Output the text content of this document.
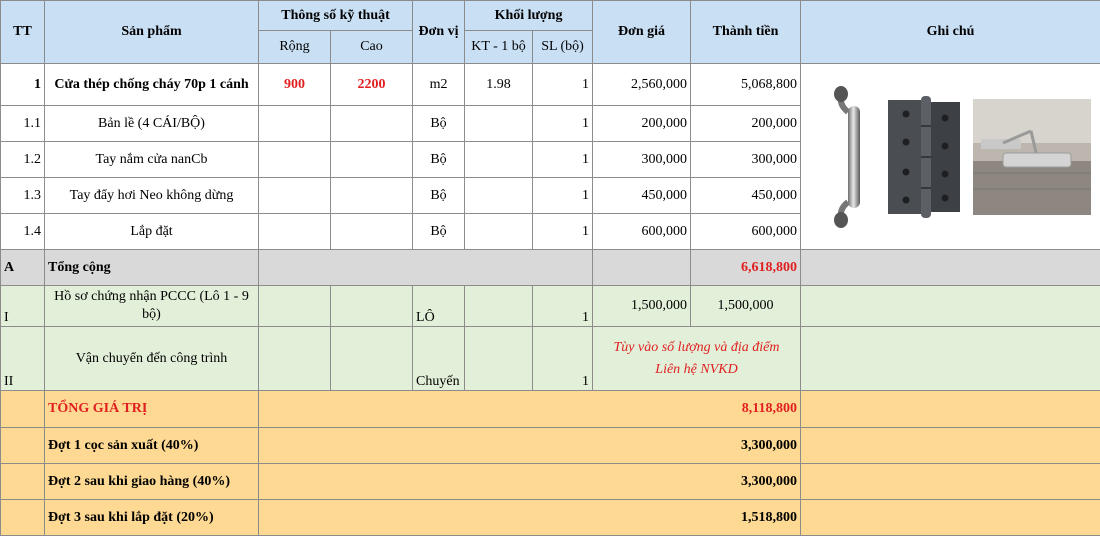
TT	Sản phẩm	Thông số kỹ thuật		Đơn vị	Khối lượng		Đơn giá	Thành tiền	Ghi chú
		Rộng	Cao		KT - 1 bộ	SL (bộ)			
1	Cửa thép chống cháy 70p 1 cánh	900	2200	m2	1.98	1	2,560,000	5,068,800	

1.1	Bản lề (4 CÁI/BỘ)			Bộ		1	200,000	200,000	
1.2	Tay nắm cửa nanCb			Bộ		1	300,000	300,000	
1.3	Tay đẩy hơi Neo không dừng			Bộ		1	450,000	450,000	
1.4	Lắp đặt			Bộ		1	600,000	600,000	
A	Tổng cộng							6,618,800	
I	Hồ sơ chứng nhận PCCC (Lô 1 - 9 bộ)			LÔ		1	1,500,000	1,500,000	
II	Vận chuyển đến công trình			Chuyến		1	Tùy vào số lượng và địa điểm
Liên hệ NVKD		

	TỔNG GIÁ TRỊ	8,118,800							
	Đợt 1 cọc sản xuất (40%)	3,300,000							
	Đợt 2 sau khi giao hàng (40%)	3,300,000							
	Đợt 3 sau khi lắp đặt (20%)	1,518,800							
